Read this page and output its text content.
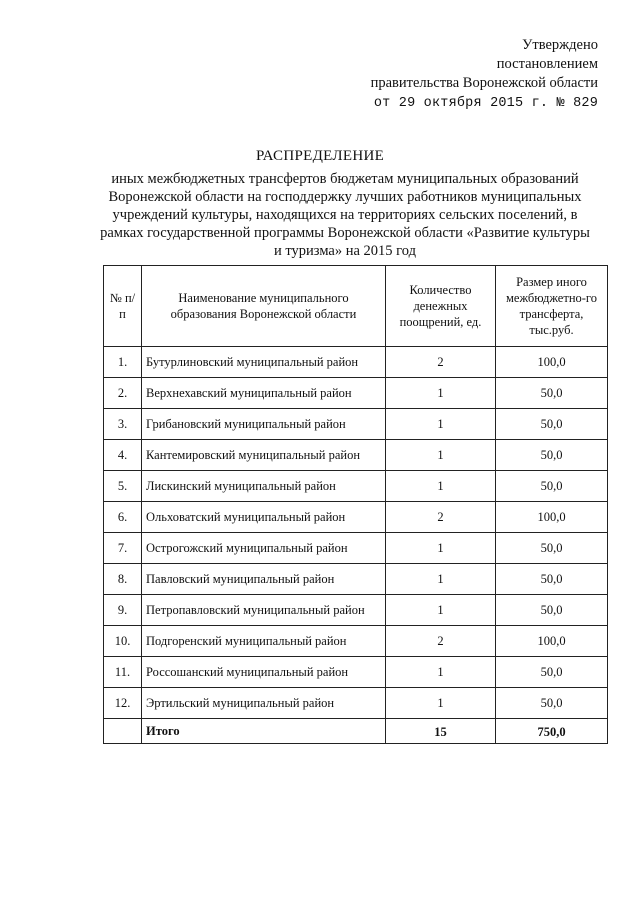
Утверждено
постановлением
правительства Воронежской области
от 29 октября 2015 г. № 829
РАСПРЕДЕЛЕНИЕ
иных межбюджетных трансфертов бюджетам муниципальных образований Воронежской области на господдержку лучших работников муниципальных учреждений культуры, находящихся на территориях сельских поселений, в рамках государственной программы Воронежской области «Развитие культуры и туризма» на 2015 год
№ п/п	Наименование муниципального образования Воронежской области	Количество денежных поощрений, ед.	Размер иного межбюджетно-го трансферта, тыс.руб.
1.	Бутурлиновский муниципальный район	2	100,0
2.	Верхнехавский муниципальный район	1	50,0
3.	Грибановский муниципальный район	1	50,0
4.	Кантемировский муниципальный район	1	50,0
5.	Лискинский муниципальный район	1	50,0
6.	Ольховатский муниципальный район	2	100,0
7.	Острогожский муниципальный район	1	50,0
8.	Павловский муниципальный район	1	50,0
9.	Петропавловский муниципальный район	1	50,0
10.	Подгоренский муниципальный район	2	100,0
11.	Россошанский муниципальный район	1	50,0
12.	Эртильский муниципальный район	1	50,0
	Итого	15	750,0
